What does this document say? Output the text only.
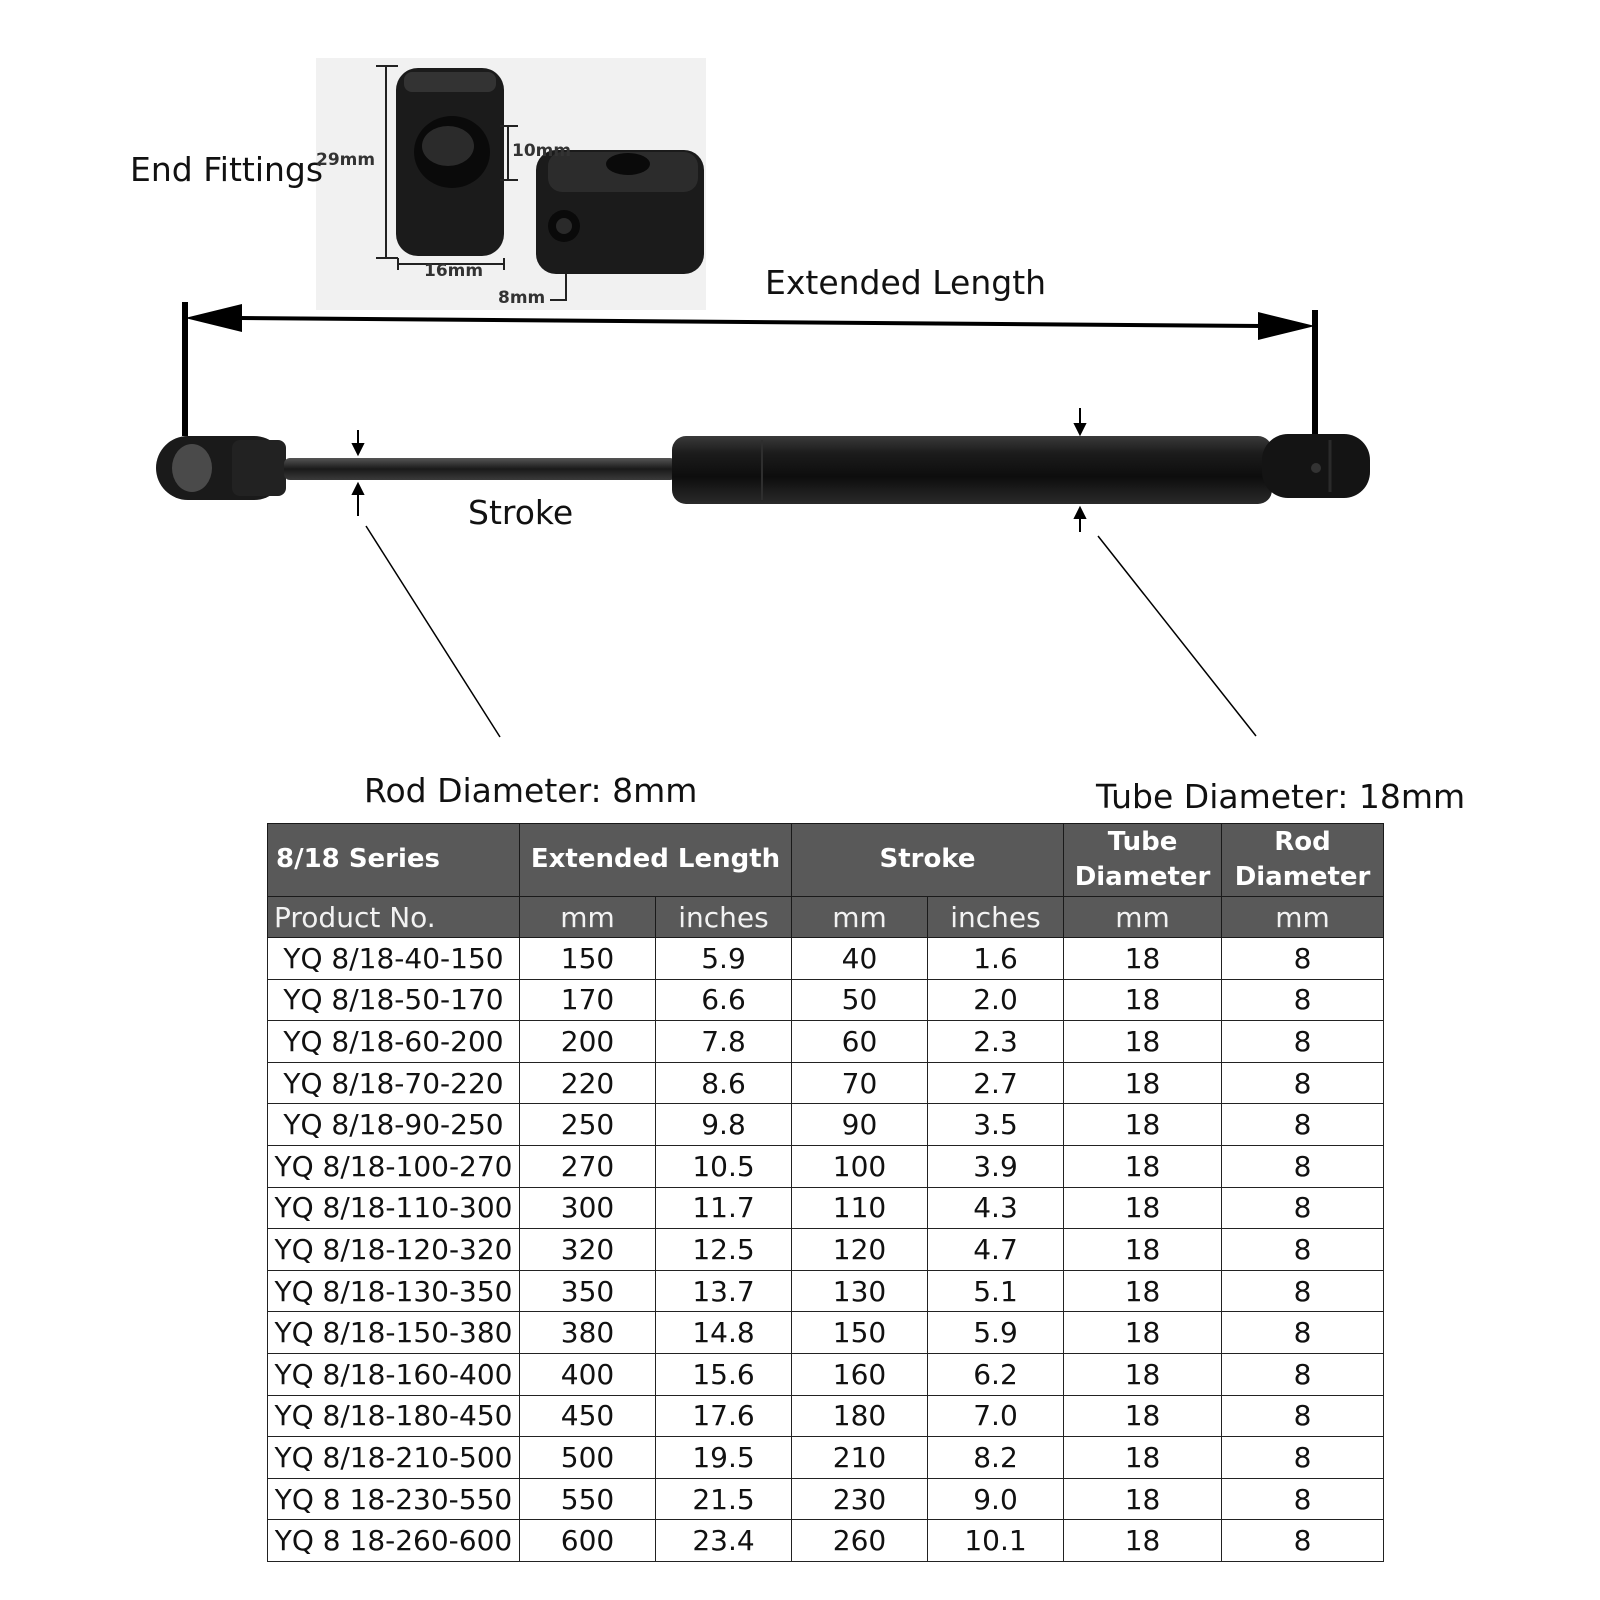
End Fittings
29mm	10mm
16mm
8mm	Extended Length
Stroke
Rod Diameter: 8mm	Tube Diameter: 18mm
8/18 Series	Extended Length		Stroke		Tube Diameter	Rod Diameter
Product No.	mm	inches	mm	inches	mm	mm
YQ 8/18-40-150	150	5.9	40	1.6	18	8
YQ 8/18-50-170	170	6.6	50	2.0	18	8
YQ 8/18-60-200	200	7.8	60	2.3	18	8
YQ 8/18-70-220	220	8.6	70	2.7	18	8
YQ 8/18-90-250	250	9.8	90	3.5	18	8
YQ 8/18-100-270	270	10.5	100	3.9	18	8
YQ 8/18-110-300	300	11.7	110	4.3	18	8
YQ 8/18-120-320	320	12.5	120	4.7	18	8
YQ 8/18-130-350	350	13.7	130	5.1	18	8
YQ 8/18-150-380	380	14.8	150	5.9	18	8
YQ 8/18-160-400	400	15.6	160	6.2	18	8
YQ 8/18-180-450	450	17.6	180	7.0	18	8
YQ 8/18-210-500	500	19.5	210	8.2	18	8
YQ 8 18-230-550	550	21.5	230	9.0	18	8
YQ 8 18-260-600	600	23.4	260	10.1	18	8
